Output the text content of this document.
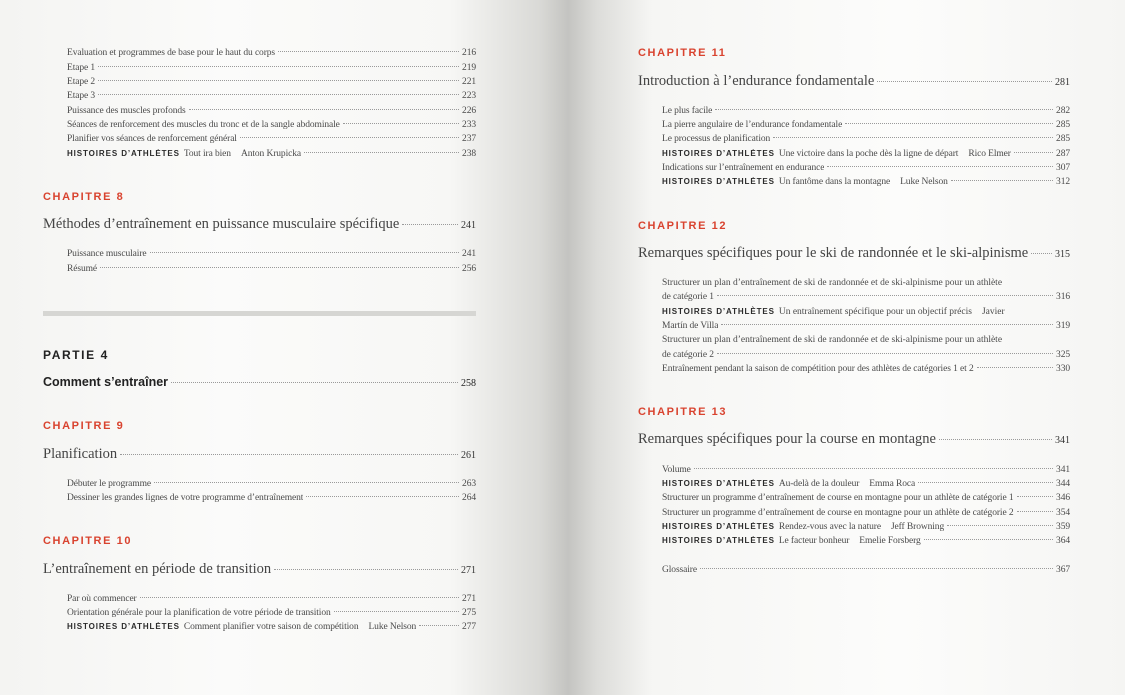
Évaluation et programmes de base pour le haut du corps	216
Étape 1	219
Étape 2	221
Étape 3	223
Puissance des muscles profonds	226
Séances de renforcement des muscles du tronc et de la sangle abdominale	233
Planifier vos séances de renforcement général	237
HISTOIRES D’ATHLÈTES Tout ira bien Anton Krupicka	238
CHAPITRE 8
Méthodes d’entraînement en puissance musculaire spécifique	241
Puissance musculaire	241
Résumé	256
PARTIE 4
Comment s’entraîner	258
CHAPITRE 9
Planification	261
Débuter le programme	263
Dessiner les grandes lignes de votre programme d’entraînement	264
CHAPITRE 10
L’entraînement en période de transition	271
Par où commencer	271
Orientation générale pour la planification de votre période de transition	275
HISTOIRES D’ATHLÈTES Comment planifier votre saison de compétition Luke Nelson	277
CHAPITRE 11
Introduction à l’endurance fondamentale	281
Le plus facile	282
La pierre angulaire de l’endurance fondamentale	285
Le processus de planification	285
HISTOIRES D’ATHLÈTES Une victoire dans la poche dès la ligne de départ Rico Elmer	287
Indications sur l’entraînement en endurance	307
HISTOIRES D’ATHLÈTES Un fantôme dans la montagne Luke Nelson	312
CHAPITRE 12
Remarques spécifiques pour le ski de randonnée et le ski-alpinisme	315
Structurer un plan d’entraînement de ski de randonnée et de ski-alpinisme pour un athlète
de catégorie 1	316
HISTOIRES D’ATHLÈTES Un entraînement spécifique pour un objectif précis Javier
Martín de Villa	319
Structurer un plan d’entraînement de ski de randonnée et de ski-alpinisme pour un athlète
de catégorie 2	325
Entraînement pendant la saison de compétition pour des athlètes de catégories 1 et 2	330
CHAPITRE 13
Remarques spécifiques pour la course en montagne	341
Volume	341
HISTOIRES D’ATHLÈTES Au-delà de la douleur Emma Roca	344
Structurer un programme d’entraînement de course en montagne pour un athlète de catégorie 1	346
Structurer un programme d’entraînement de course en montagne pour un athlète de catégorie 2	354
HISTOIRES D’ATHLÈTES Rendez-vous avec la nature Jeff Browning	359
HISTOIRES D’ATHLÈTES Le facteur bonheur Emelie Forsberg	364
Glossaire	367
